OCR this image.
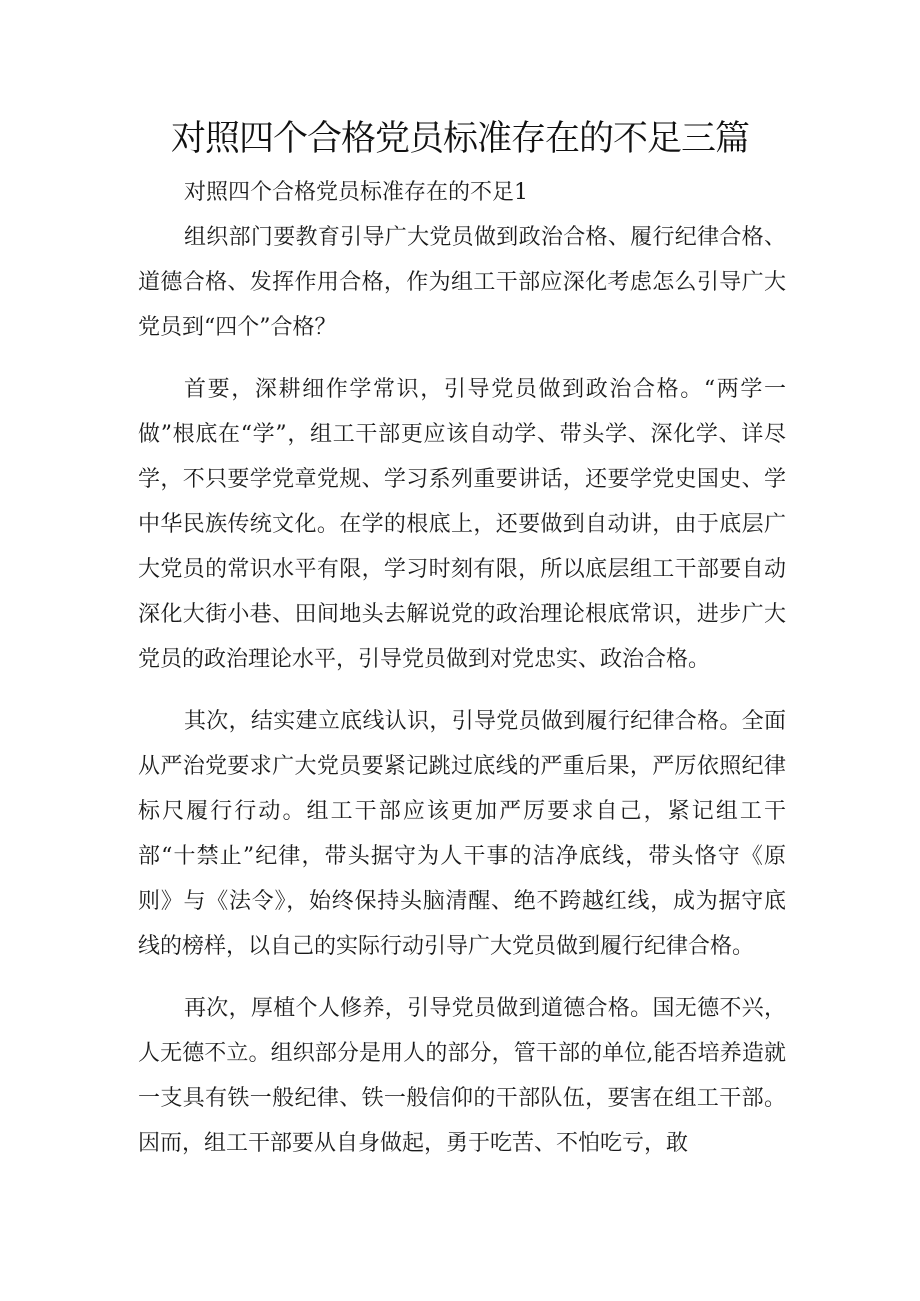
对照四个合格党员标准存在的不足三篇

对照四个合格党员标准存在的不足1

组织部门要教育引导广大党员做到政治合格、履行纪律合格、道德合格、发挥作用合格，作为组工干部应深化考虑怎么引导广大党员到“四个”合格？

首要，深耕细作学常识，引导党员做到政治合格。“两学一做”根底在“学”，组工干部更应该自动学、带头学、深化学、详尽学，不只要学党章党规、学习系列重要讲话，还要学党史国史、学中华民族传统文化。在学的根底上，还要做到自动讲，由于底层广大党员的常识水平有限，学习时刻有限，所以底层组工干部要自动深化大街小巷、田间地头去解说党的政治理论根底常识，进步广大党员的政治理论水平，引导党员做到对党忠实、政治合格。

其次，结实建立底线认识，引导党员做到履行纪律合格。全面从严治党要求广大党员要紧记跳过底线的严重后果，严厉依照纪律标尺履行行动。组工干部应该更加严厉要求自己，紧记组工干部“十禁止”纪律，带头据守为人干事的洁净底线，带头恪守《原则》与《法令》，始终保持头脑清醒、绝不跨越红线，成为据守底线的榜样，以自己的实际行动引导广大党员做到履行纪律合格。

再次，厚植个人修养，引导党员做到道德合格。国无德不兴，人无德不立。组织部分是用人的部分，管干部的单位,能否培养造就一支具有铁一般纪律、铁一般信仰的干部队伍，要害在组工干部。因而，组工干部要从自身做起，勇于吃苦、不怕吃亏，敢
